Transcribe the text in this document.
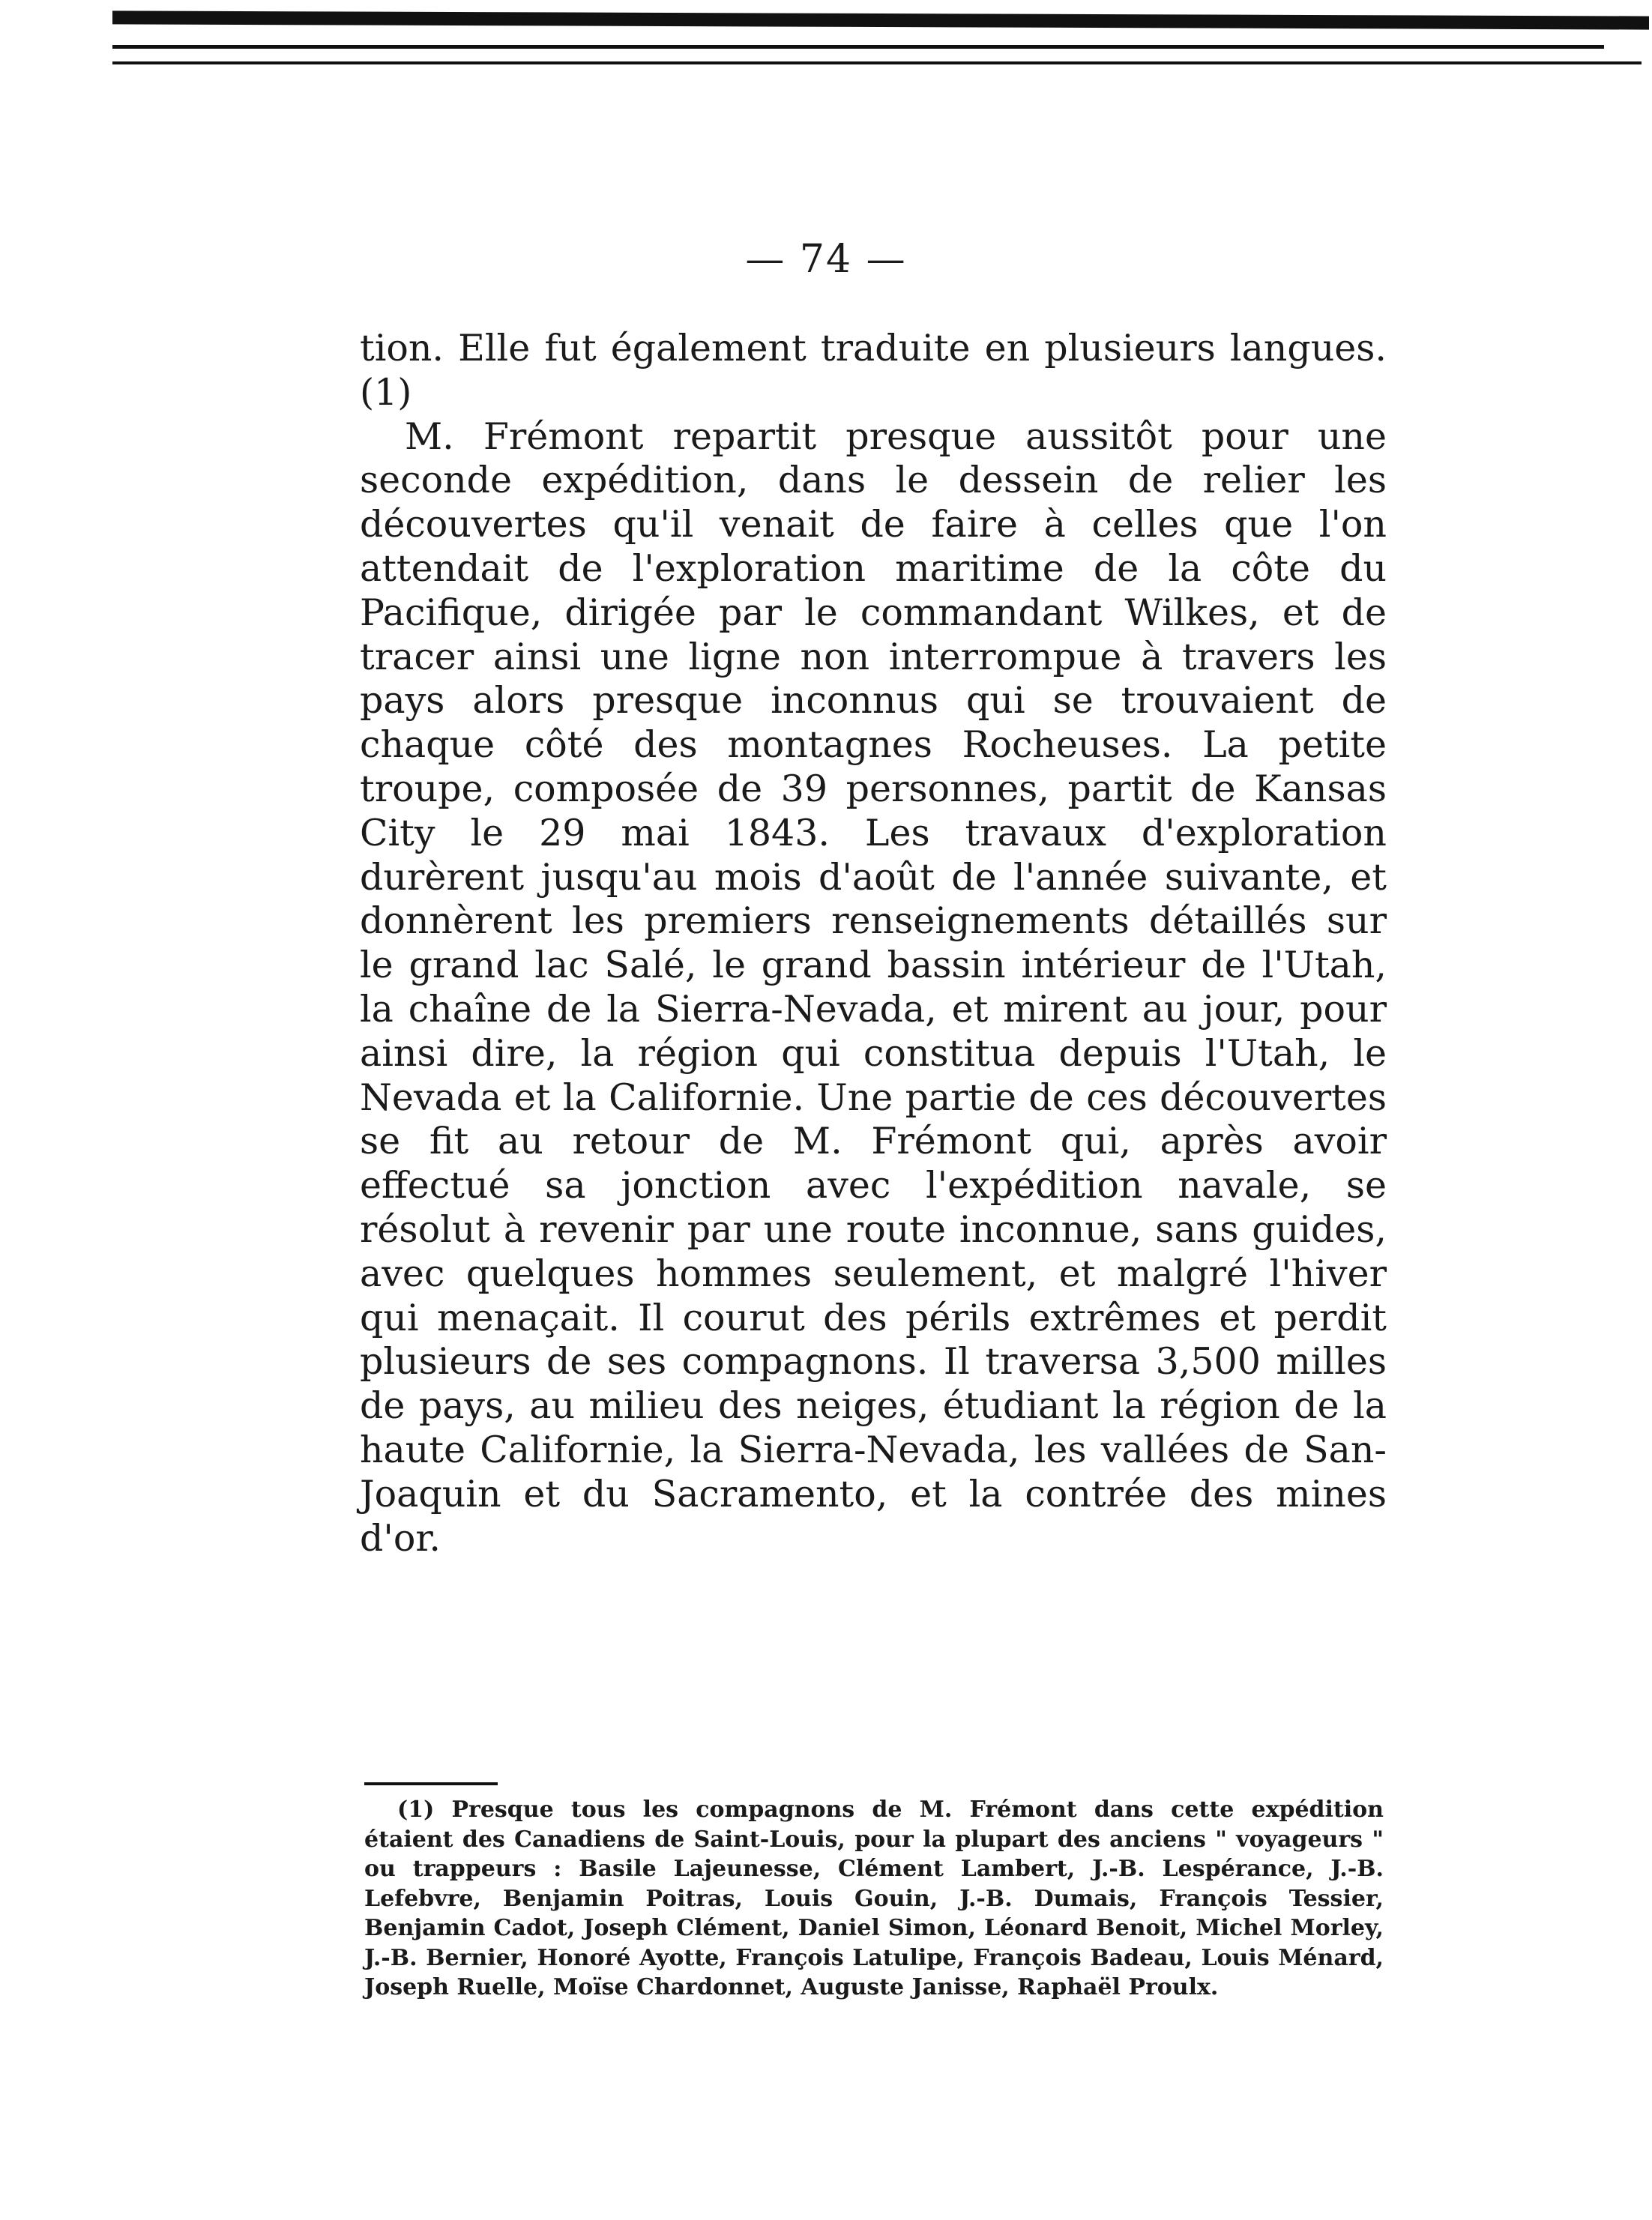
— 74 —

tion. Elle fut également traduite en plusieurs langues. (1)

M. Frémont repartit presque aussitôt pour une seconde expédition, dans le dessein de relier les découvertes qu'il venait de faire à celles que l'on attendait de l'exploration maritime de la côte du Pacifique, dirigée par le commandant Wilkes, et de tracer ainsi une ligne non interrompue à travers les pays alors presque inconnus qui se trouvaient de chaque côté des montagnes Rocheuses. La petite troupe, composée de 39 personnes, partit de Kansas City le 29 mai 1843. Les travaux d'exploration durèrent jusqu'au mois d'août de l'année suivante, et donnèrent les premiers renseignements détaillés sur le grand lac Salé, le grand bassin intérieur de l'Utah, la chaîne de la Sierra-Nevada, et mirent au jour, pour ainsi dire, la région qui constitua depuis l'Utah, le Nevada et la Californie. Une partie de ces découvertes se fit au retour de M. Frémont qui, après avoir effectué sa jonction avec l'expédition navale, se résolut à revenir par une route inconnue, sans guides, avec quelques hommes seulement, et malgré l'hiver qui menaçait. Il courut des périls extrêmes et perdit plusieurs de ses compagnons. Il traversa 3,500 milles de pays, au milieu des neiges, étudiant la région de la haute Californie, la Sierra-Nevada, les vallées de San-Joaquin et du Sacramento, et la contrée des mines d'or.

(1) Presque tous les compagnons de M. Frémont dans cette expédition étaient des Canadiens de Saint-Louis, pour la plupart des anciens " voyageurs " ou trappeurs : Basile Lajeunesse, Clément Lambert, J.-B. Lespérance, J.-B. Lefebvre, Benjamin Poitras, Louis Gouin, J.-B. Dumais, François Tessier, Benjamin Cadot, Joseph Clément, Daniel Simon, Léonard Benoit, Michel Morley, J.-B. Bernier, Honoré Ayotte, François Latulipe, François Badeau, Louis Ménard, Joseph Ruelle, Moïse Chardonnet, Auguste Janisse, Raphaël Proulx.
